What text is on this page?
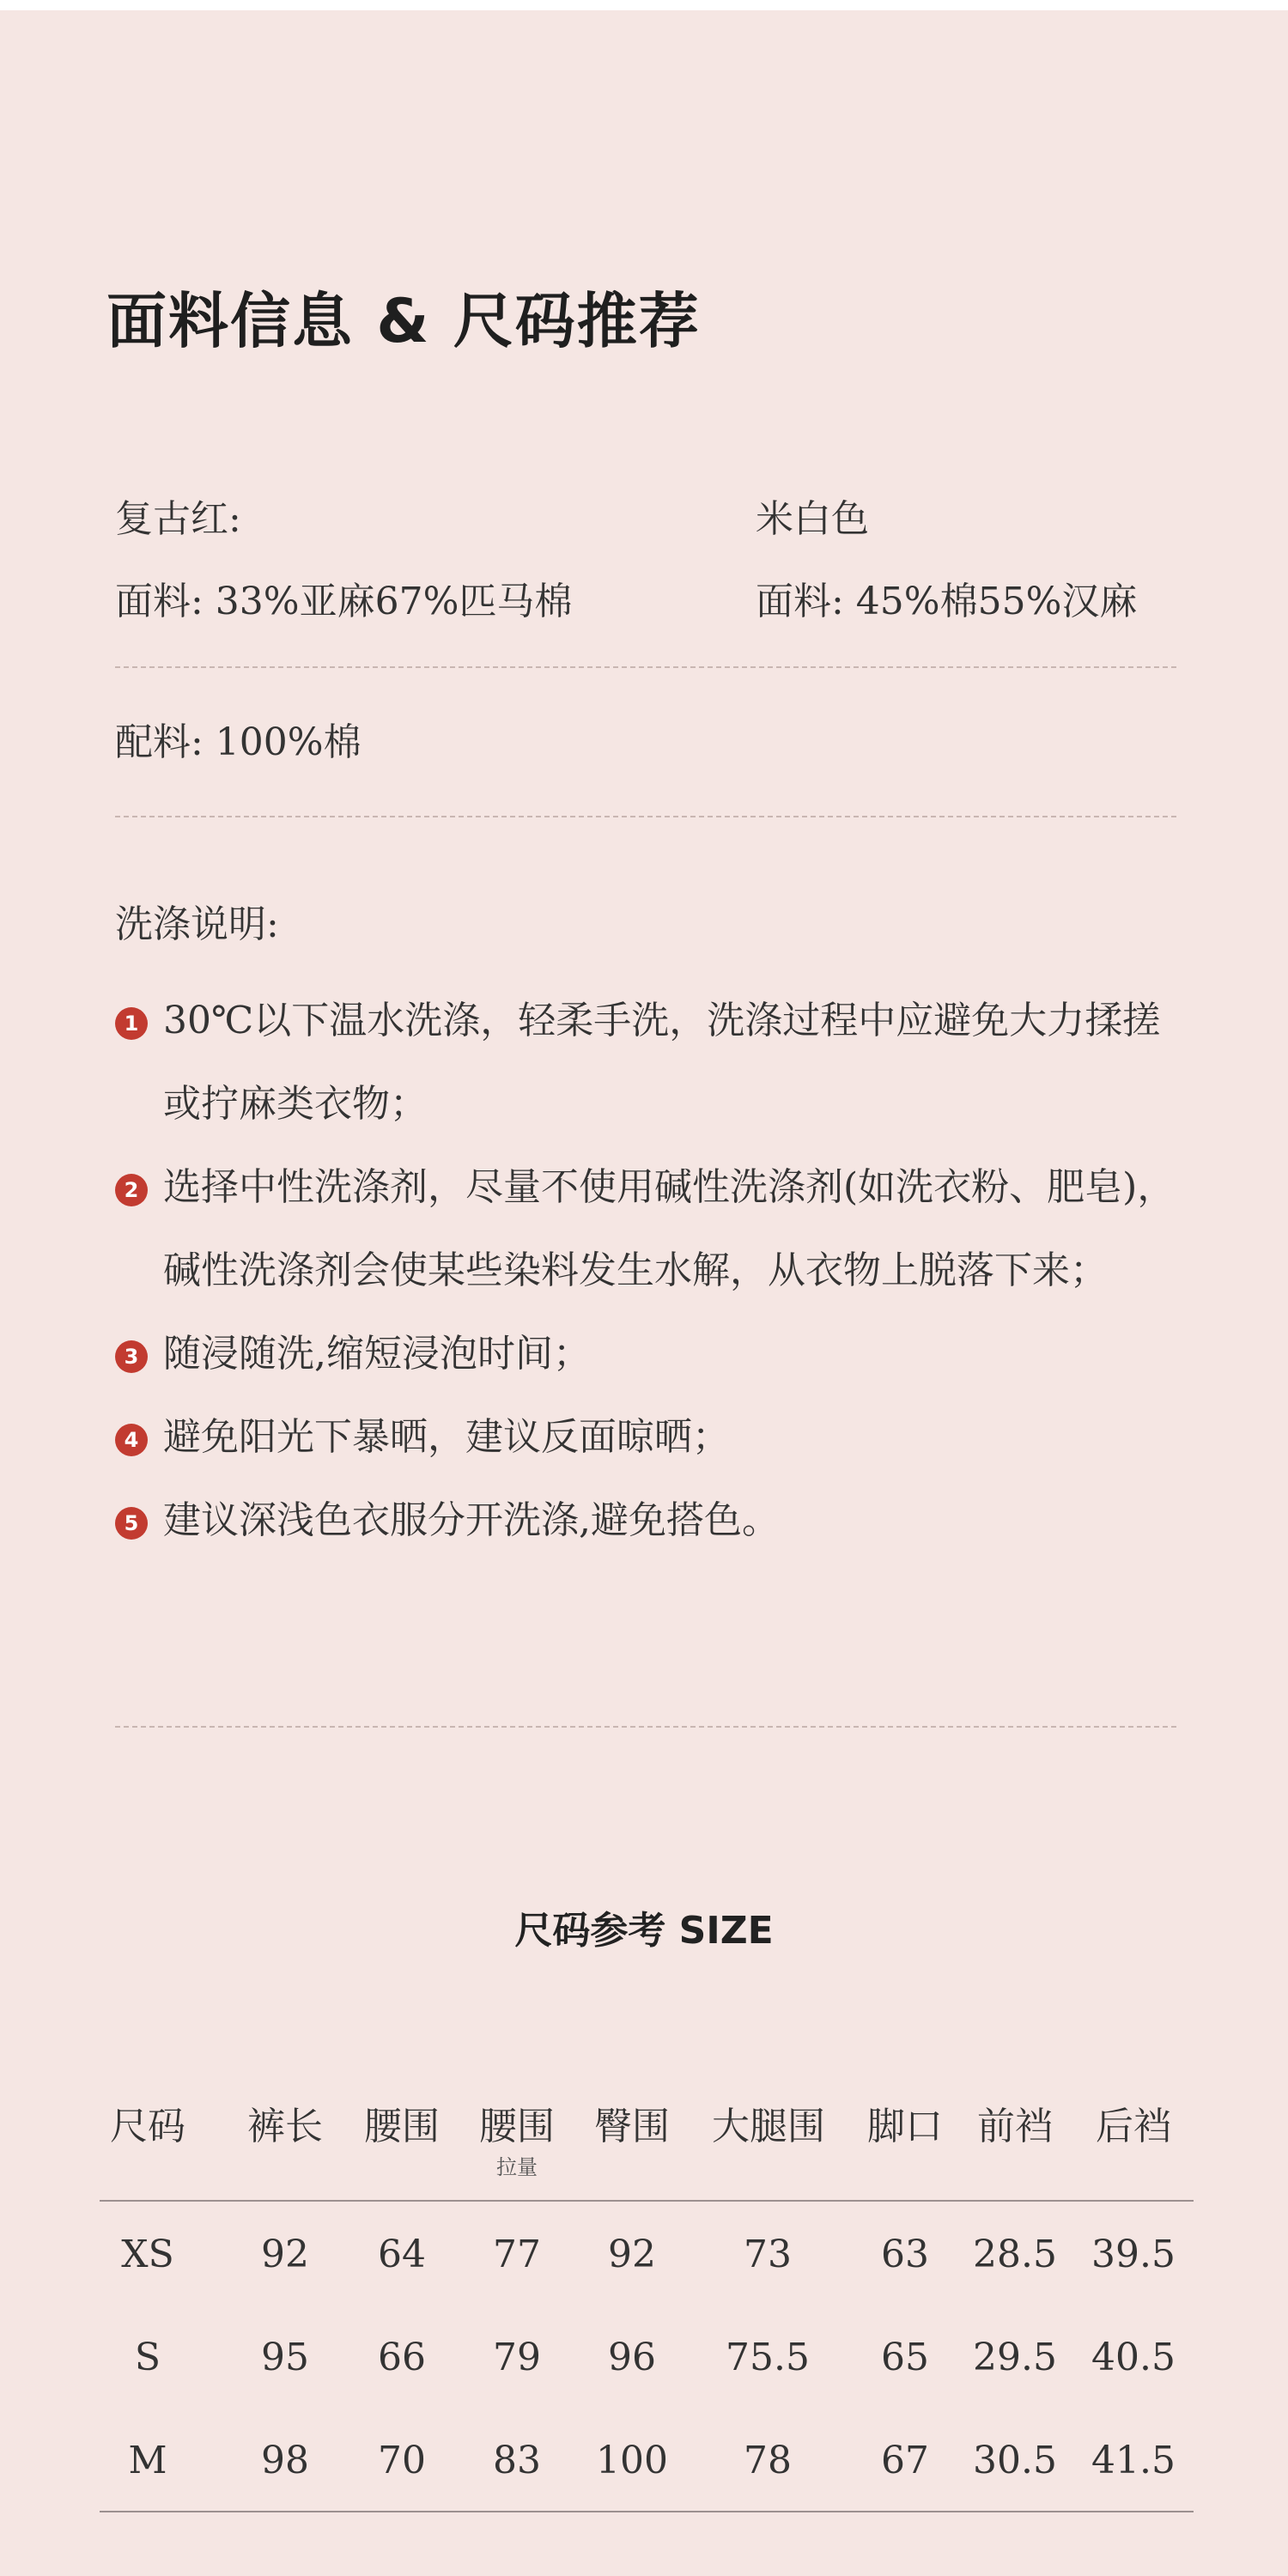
面料信息 & 尺码推荐
复古红:
面料: 33%亚麻67%匹马棉
米白色
面料: 45%棉55%汉麻
配料: 100%棉
洗涤说明:
1 30℃以下温水洗涤，轻柔手洗，洗涤过程中应避免大力揉搓或拧麻类衣物；
2 选择中性洗涤剂，尽量不使用碱性洗涤剂(如洗衣粉、肥皂)，碱性洗涤剂会使某些染料发生水解，从衣物上脱落下来；
3 随浸随洗,缩短浸泡时间；
4 避免阳光下暴晒，建议反面晾晒；
5 建议深浅色衣服分开洗涤,避免搭色。
尺码参考 SIZE
尺码	裤长	腰围	腰围
拉量
臀围	大腿围	脚口 前裆	后裆
XS	92	64	77	92	73	63	28.5 39.5
S	95	66	79	96	75.5	65	29.5 40.5
M	98	70	83	100	78	67	30.5 41.5
